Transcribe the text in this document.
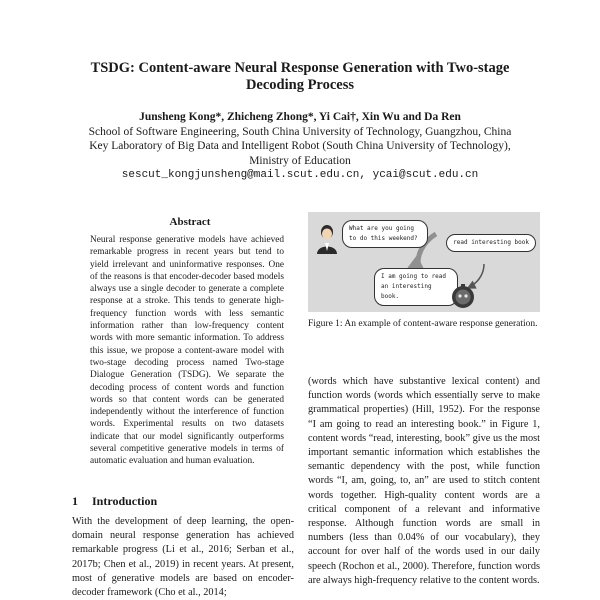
TSDG: Content-aware Neural Response Generation with Two-stage
Decoding Process
Junsheng Kong*, Zhicheng Zhong*, Yi Cai†, Xin Wu and Da Ren
School of Software Engineering, South China University of Technology, Guangzhou, China
Key Laboratory of Big Data and Intelligent Robot (South China University of Technology),
Ministry of Education
sescut_kongjunsheng@mail.scut.edu.cn, ycai@scut.edu.cn
Abstract

Neural response generative models have achieved remarkable progress in recent years but tend to yield irrelevant and uninformative responses. One of the reasons is that encoder-decoder based models always use a single decoder to generate a complete response at a stroke. This tends to generate high-frequency function words with less semantic information rather than low-frequency content words with more semantic information. To address this issue, we propose a content-aware model with two-stage decoding process named Two-stage Dialogue Generation (TSDG). We separate the decoding process of content words and function words so that content words can be generated independently without the interference of function words. Experimental results on two datasets indicate that our model significantly outperforms several competitive generative models in terms of automatic evaluation and human evaluation.

1 Introduction

With the development of deep learning, the open-domain neural response generation has achieved remarkable progress (Li et al., 2016; Serban et al., 2017b; Chen et al., 2019) in recent years. At present, most of generative models are based on encoder-decoder framework (Cho et al., 2014;

What are you going to do this weekend?
read interesting book
I am going to read an interesting book.

Figure 1: An example of content-aware response generation.

(words which have substantive lexical content) and function words (words which essentially serve to make grammatical properties) (Hill, 1952). For the response “I am going to read an interesting book.” in Figure 1, content words “read, interesting, book” give us the most important semantic information which establishes the semantic dependency with the post, while function words “I, am, going, to, an” are used to stitch content words together. High-quality content words are a critical component of a relevant and informative response. Although function words are small in numbers (less than 0.04% of our vocabulary), they account for over half of the words used in our daily speech (Rochon et al., 2000). Therefore, function words are always high-frequency relative to the content words.
